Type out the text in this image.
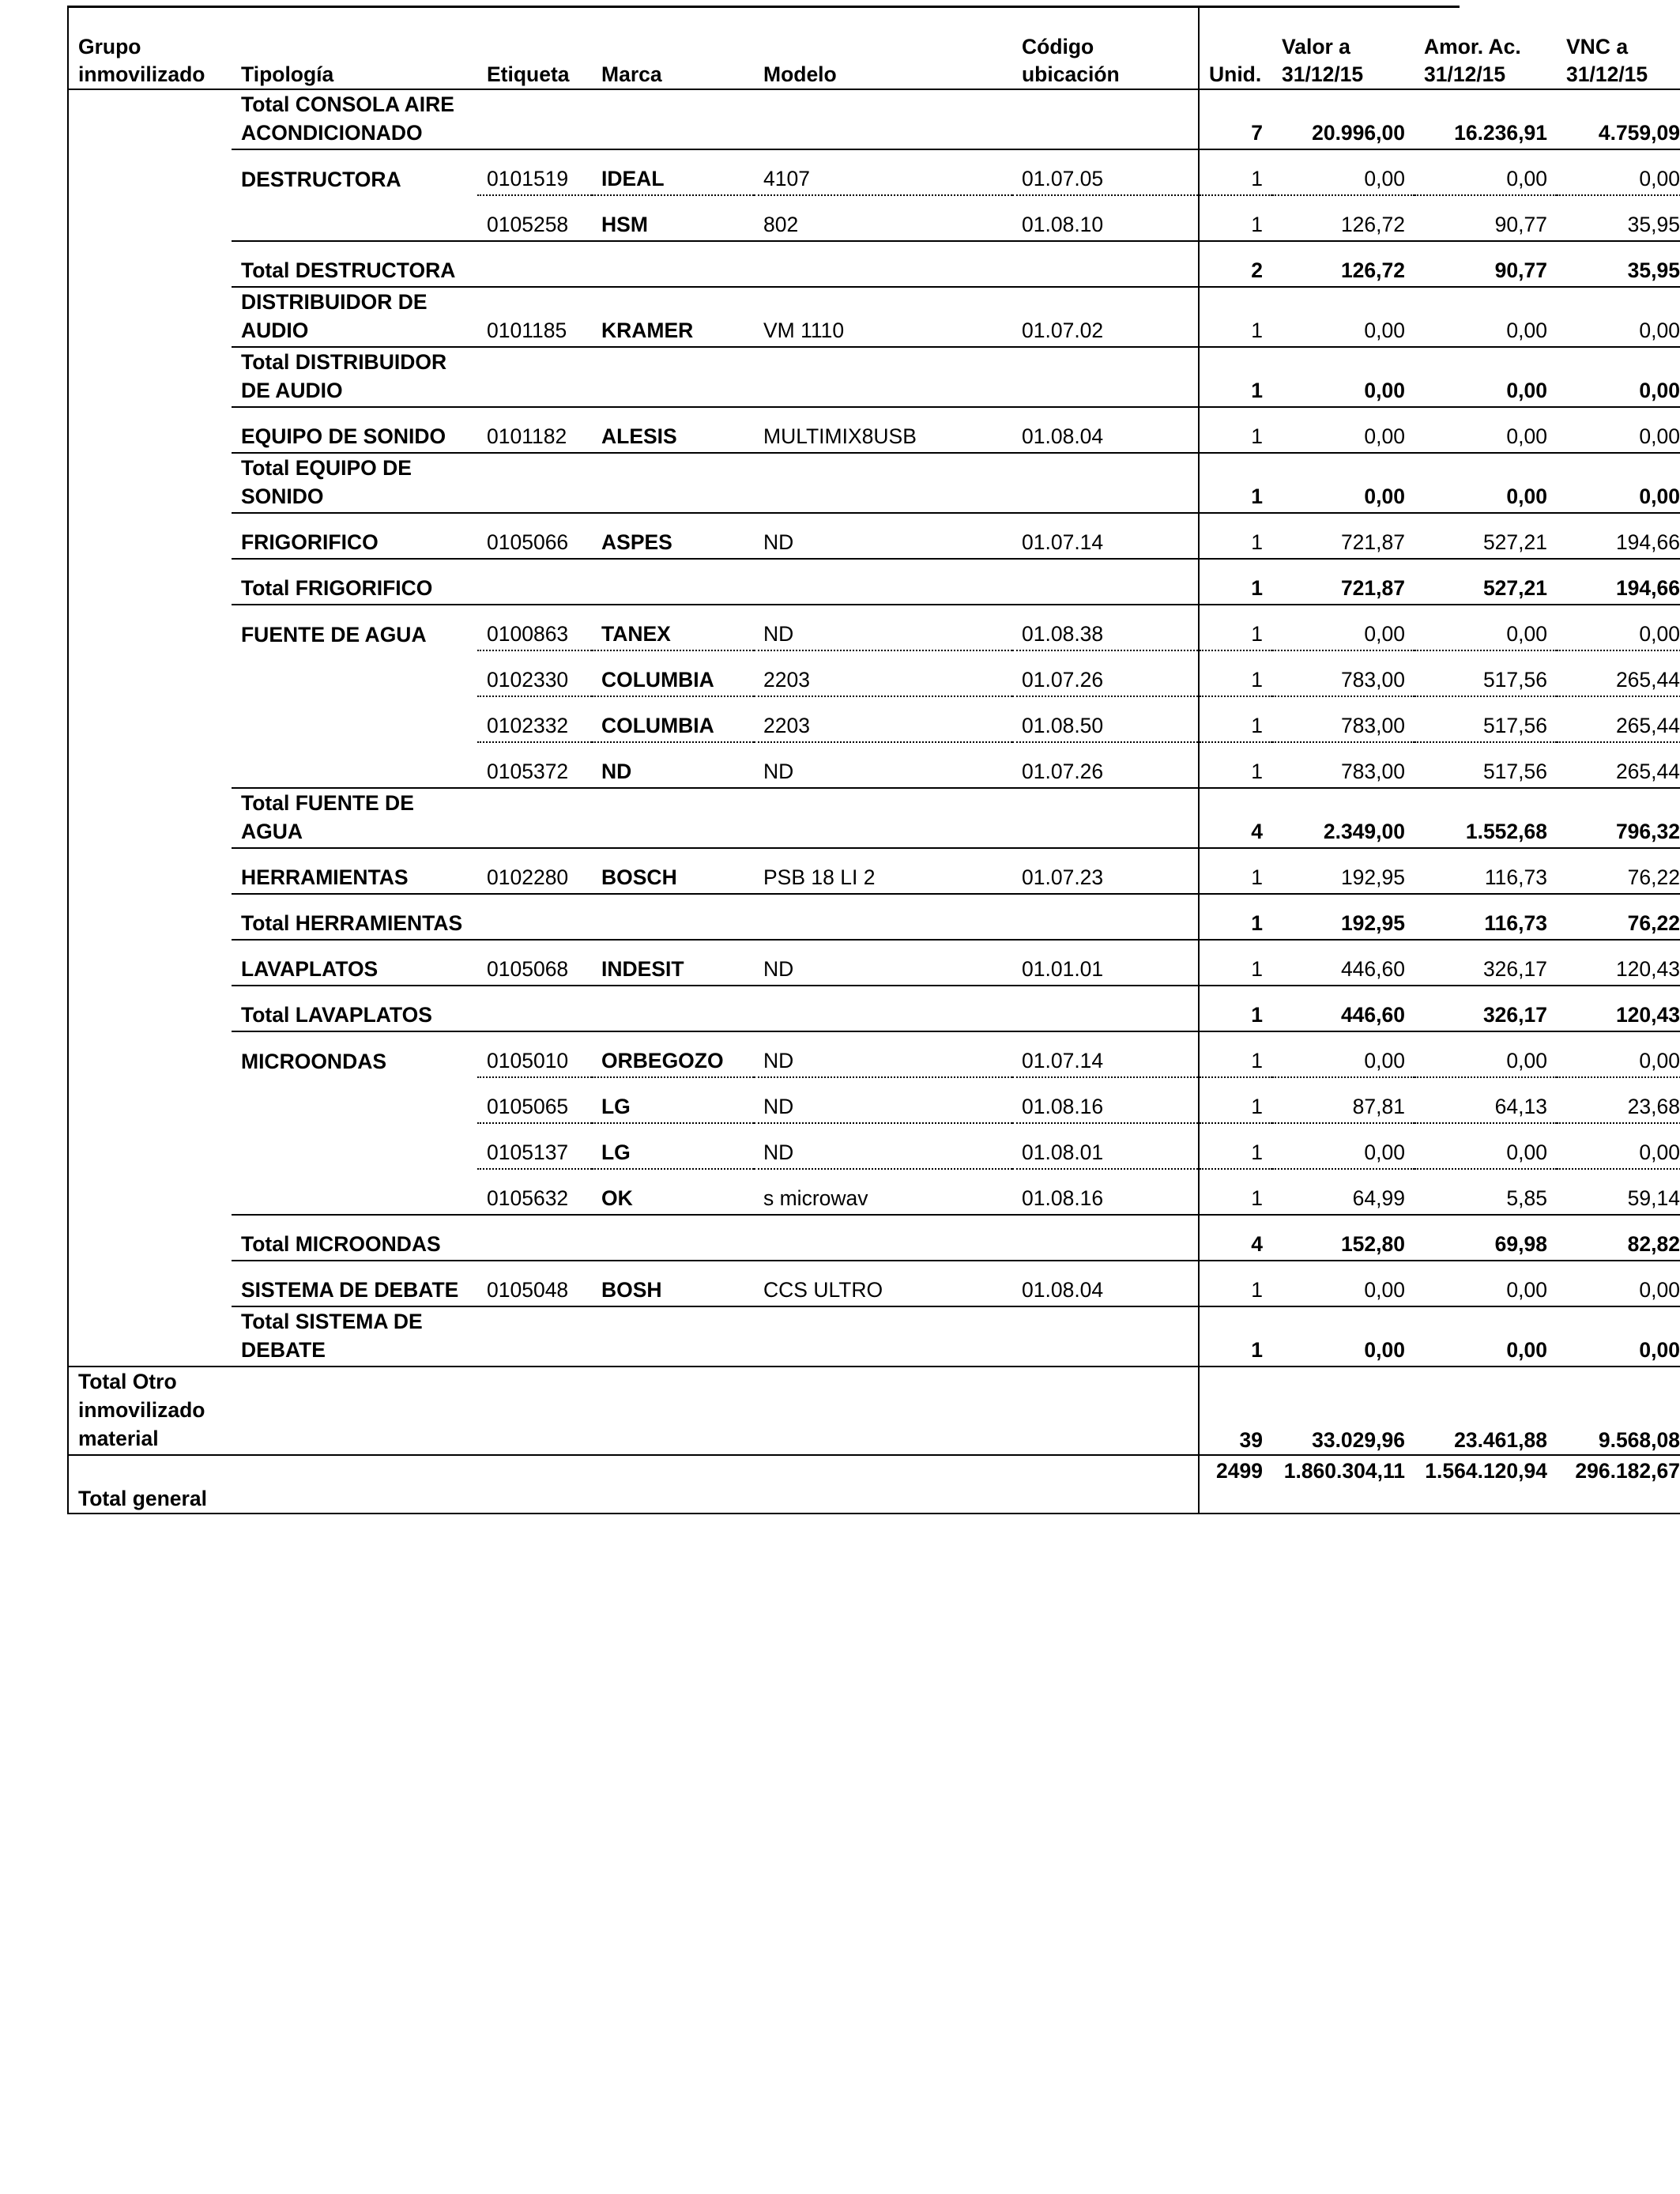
Grupo inmovilizado	Tipología	Etiqueta	Marca	Modelo	Código ubicación	Unid.	Valor a 31/12/15	Amor. Ac. 31/12/15	VNC a 31/12/15

	Total CONSOLA AIRE ACONDICIONADO					7	20.996,00	16.236,91	4.759,09
	DESTRUCTORA	0101519	IDEAL	4107	01.07.05	1	0,00	0,00	0,00
		0105258	HSM	802	01.08.10	1	126,72	90,77	35,95

	Total DESTRUCTORA					2	126,72	90,77	35,95
	DISTRIBUIDOR DE AUDIO	0101185	KRAMER	VM 1110	01.07.02	1	0,00	0,00	0,00

	Total DISTRIBUIDOR DE AUDIO					1	0,00	0,00	0,00
	EQUIPO DE SONIDO	0101182	ALESIS	MULTIMIX8USB	01.08.04	1	0,00	0,00	0,00

	Total EQUIPO DE SONIDO					1	0,00	0,00	0,00
	FRIGORIFICO	0105066	ASPES	ND	01.07.14	1	721,87	527,21	194,66

	Total FRIGORIFICO					1	721,87	527,21	194,66
	FUENTE DE AGUA	0100863	TANEX	ND	01.08.38	1	0,00	0,00	0,00
		0102330	COLUMBIA	2203	01.07.26	1	783,00	517,56	265,44
		0102332	COLUMBIA	2203	01.08.50	1	783,00	517,56	265,44
		0105372	ND	ND	01.07.26	1	783,00	517,56	265,44

	Total FUENTE DE AGUA					4	2.349,00	1.552,68	796,32
	HERRAMIENTAS	0102280	BOSCH	PSB 18 LI 2	01.07.23	1	192,95	116,73	76,22

	Total HERRAMIENTAS					1	192,95	116,73	76,22
	LAVAPLATOS	0105068	INDESIT	ND	01.01.01	1	446,60	326,17	120,43

	Total LAVAPLATOS					1	446,60	326,17	120,43
	MICROONDAS	0105010	ORBEGOZO	ND	01.07.14	1	0,00	0,00	0,00
		0105065	LG	ND	01.08.16	1	87,81	64,13	23,68
		0105137	LG	ND	01.08.01	1	0,00	0,00	0,00
		0105632	OK	s microwav	01.08.16	1	64,99	5,85	59,14

	Total MICROONDAS					4	152,80	69,98	82,82
	SISTEMA DE DEBATE	0105048	BOSH	CCS ULTRO	01.08.04	1	0,00	0,00	0,00

	Total SISTEMA DE DEBATE					1	0,00	0,00	0,00

Total Otro inmovilizado material						39	33.029,96	23.461,88	9.568,08
Total general						2499	1.860.304,11	1.564.120,94	296.182,67
